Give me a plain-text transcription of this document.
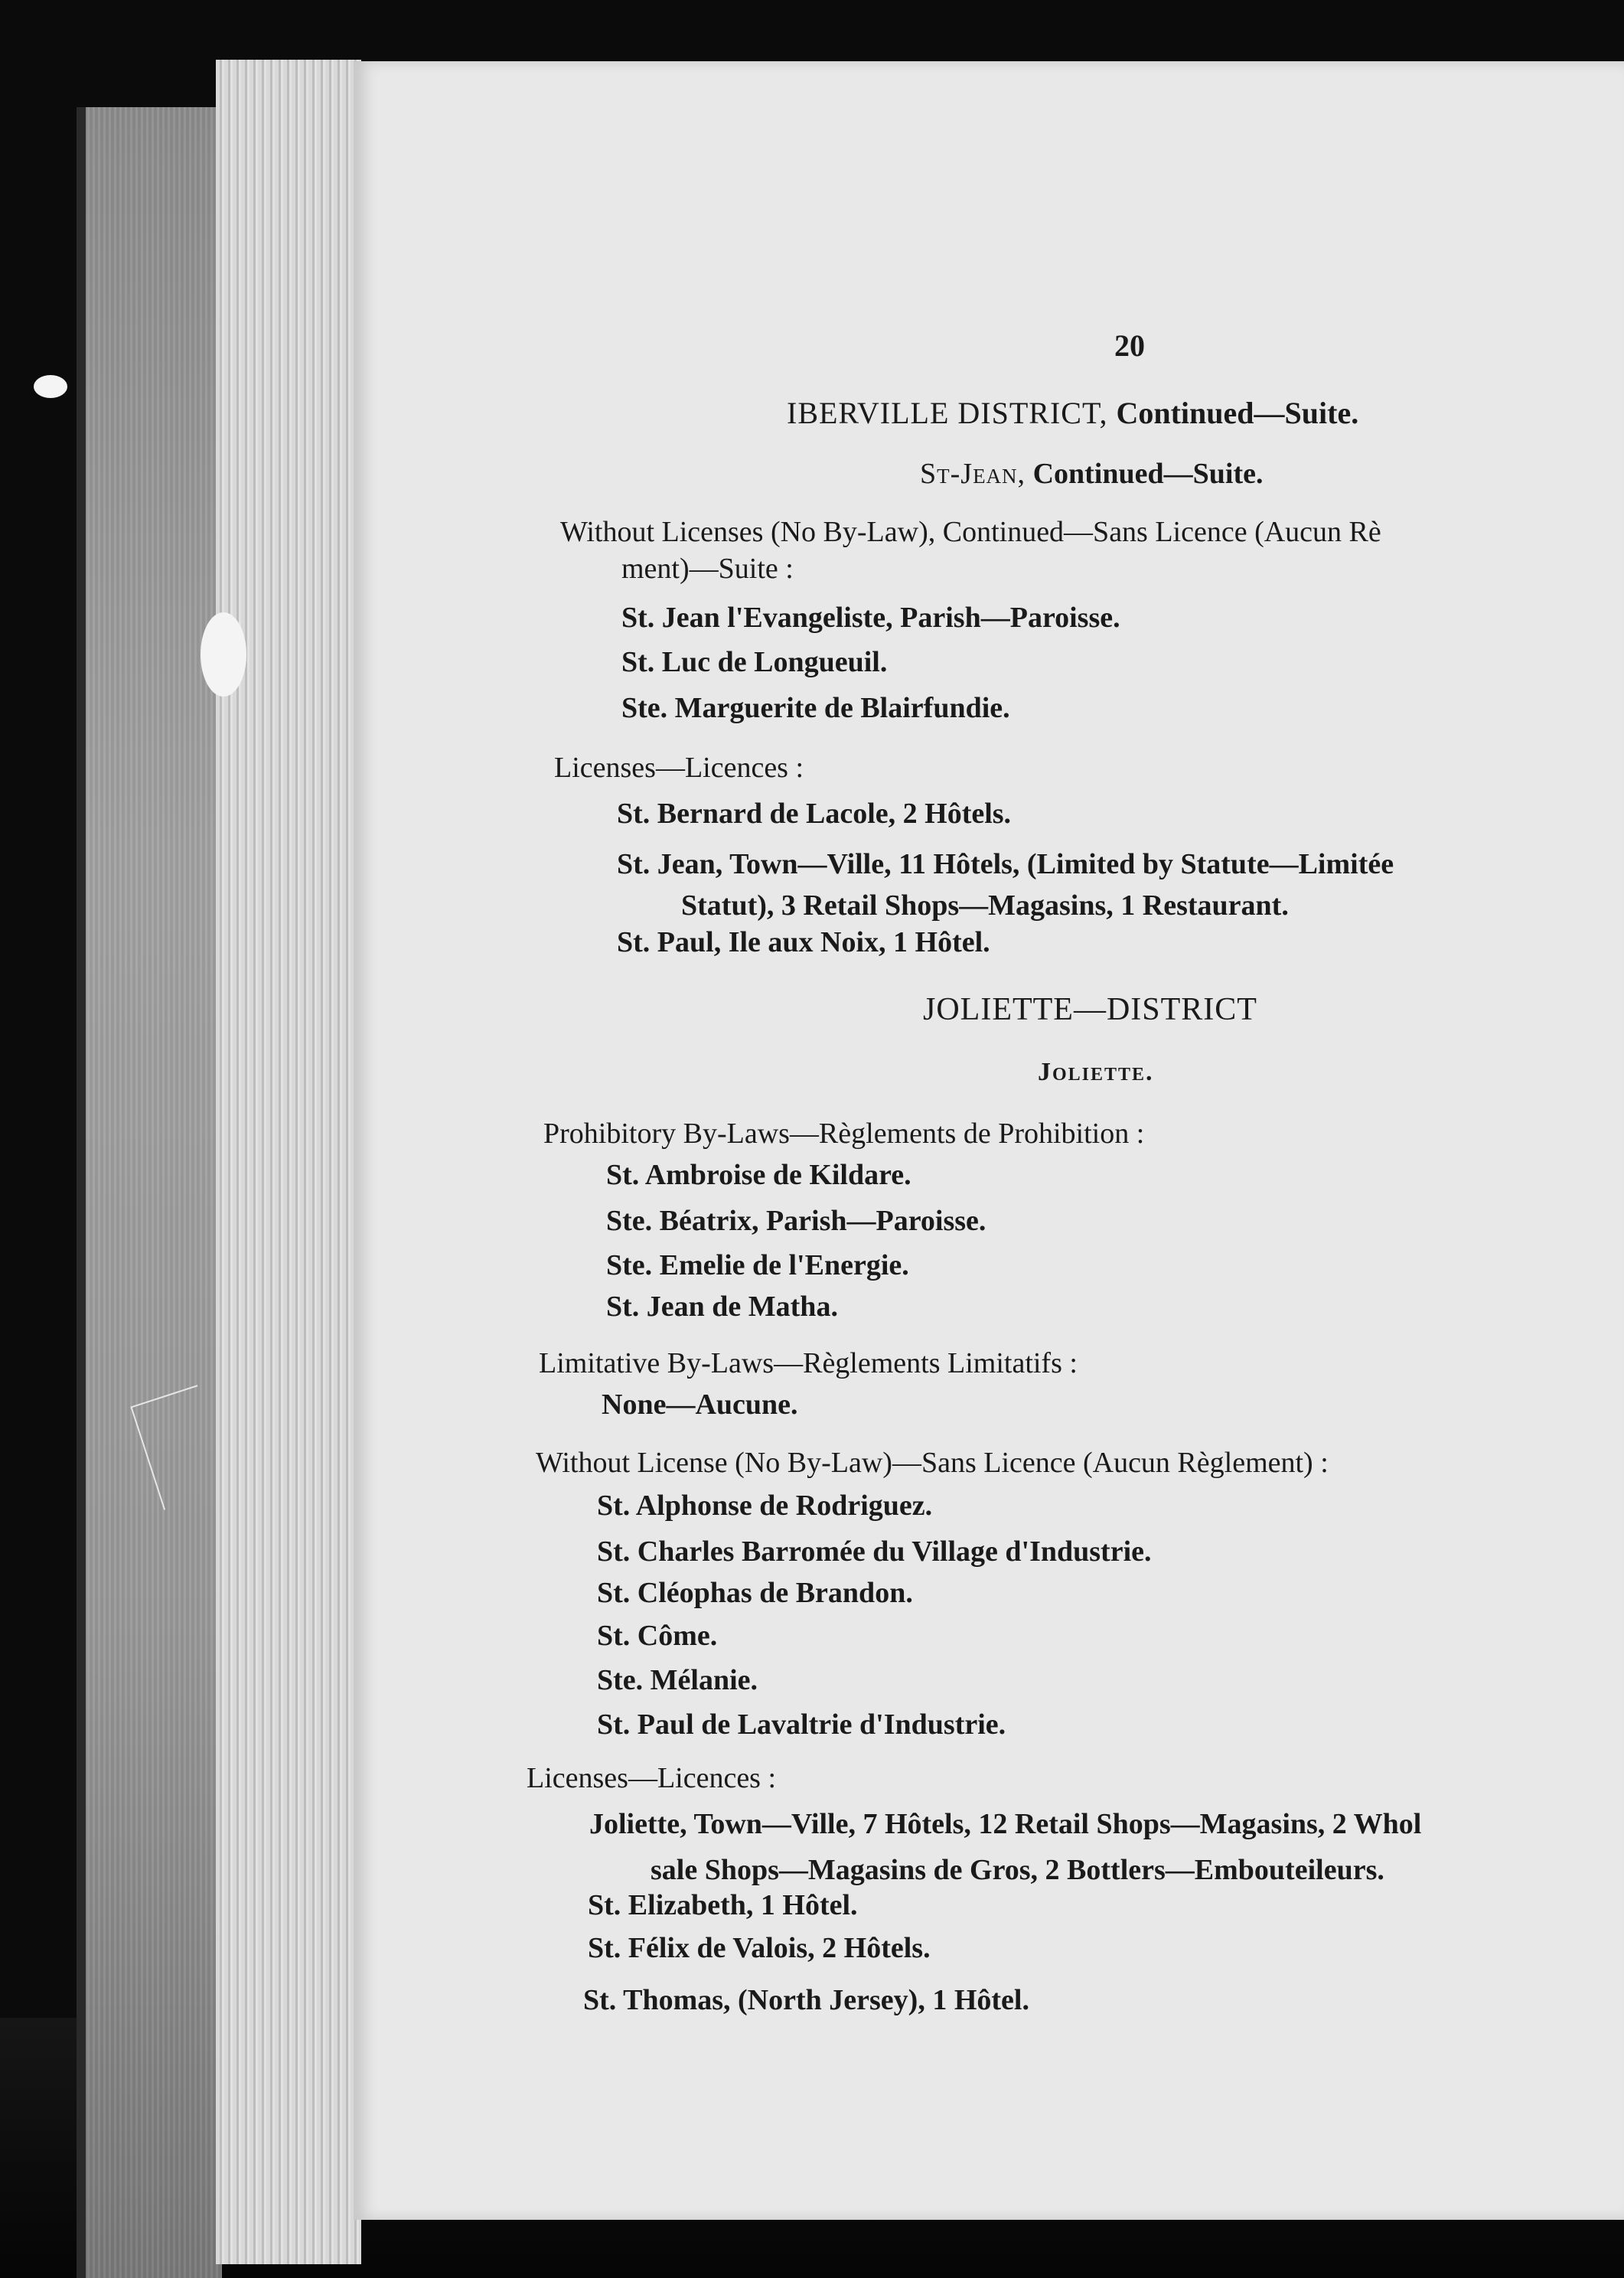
20
IBERVILLE DISTRICT, Continued—Suite.
St-Jean, Continued—Suite.
Without Licenses (No By-Law), Continued—Sans Licence (Aucun Rè
ment)—Suite :
St. Jean l'Evangeliste, Parish—Paroisse.
St. Luc de Longueuil.
Ste. Marguerite de Blairfundie.
Licenses—Licences :
St. Bernard de Lacole, 2 Hôtels.
St. Jean, Town—Ville, 11 Hôtels, (Limited by Statute—Limitée
Statut), 3 Retail Shops—Magasins, 1 Restaurant.
St. Paul, Ile aux Noix, 1 Hôtel.
JOLIETTE—DISTRICT
Joliette.
Prohibitory By-Laws—Règlements de Prohibition :
St. Ambroise de Kildare.
Ste. Béatrix, Parish—Paroisse.
Ste. Emelie de l'Energie.
St. Jean de Matha.
Limitative By-Laws—Règlements Limitatifs :
None—Aucune.
Without License (No By-Law)—Sans Licence (Aucun Règlement) :
St. Alphonse de Rodriguez.
St. Charles Barromée du Village d'Industrie.
St. Cléophas de Brandon.
St. Côme.
Ste. Mélanie.
St. Paul de Lavaltrie d'Industrie.
Licenses—Licences :
Joliette, Town—Ville, 7 Hôtels, 12 Retail Shops—Magasins, 2 Whol
sale Shops—Magasins de Gros, 2 Bottlers—Embouteileurs.
St. Elizabeth, 1 Hôtel.
St. Félix de Valois, 2 Hôtels.
St. Thomas, (North Jersey), 1 Hôtel.
